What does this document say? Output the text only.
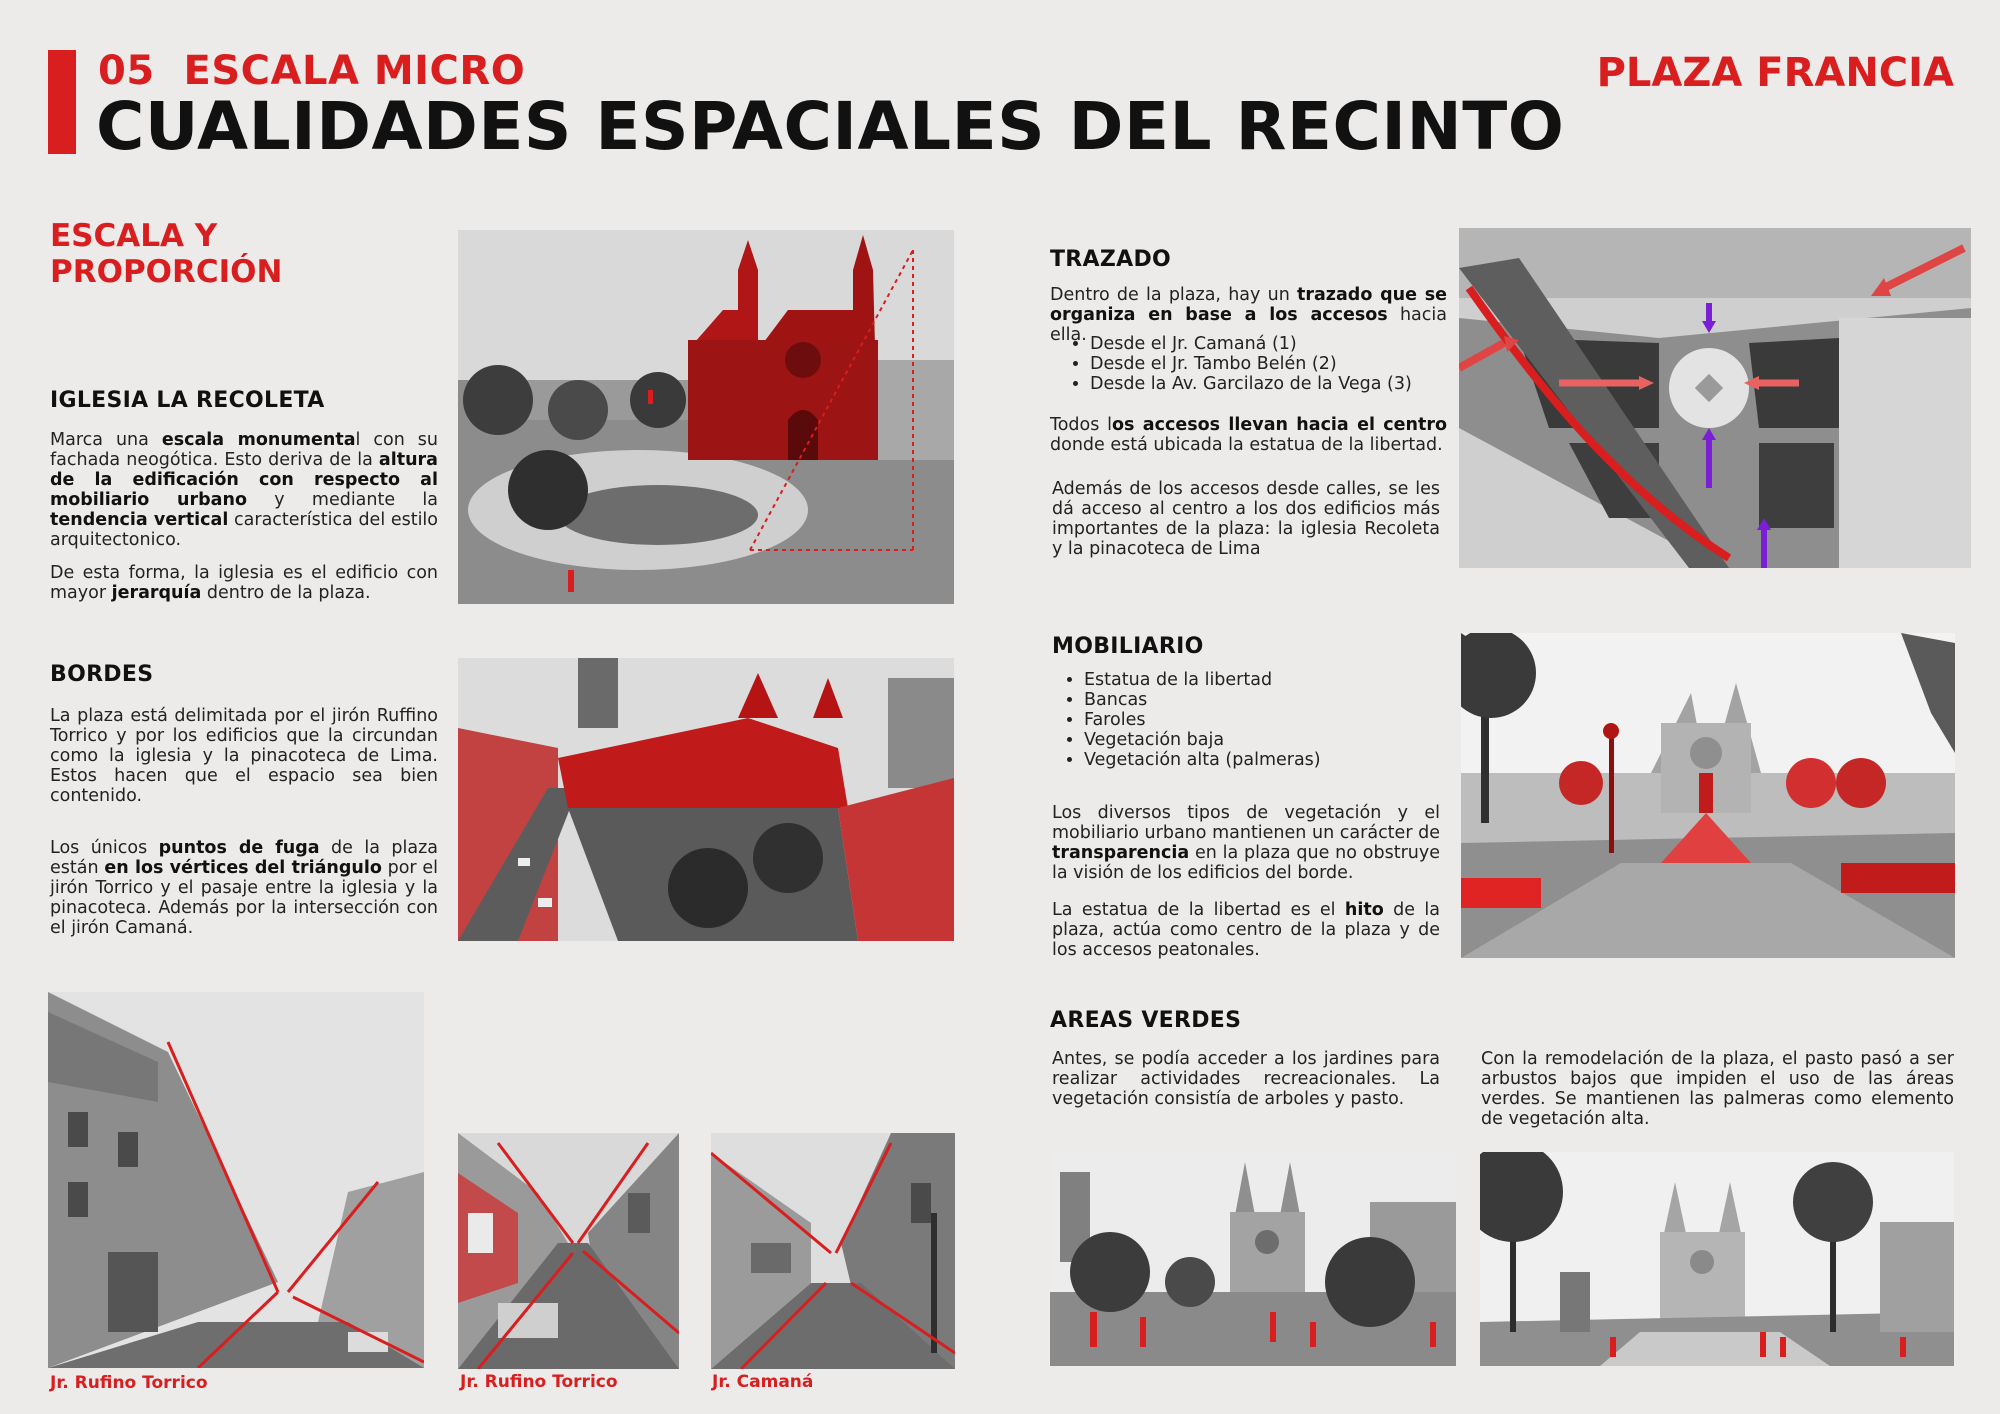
05 ESCALA MICRO
CUALIDADES ESPACIALES DEL RECINTO
PLAZA FRANCIA
ESCALA Y
PROPORCIÓN
IGLESIA LA RECOLETA
Marca una escala monumental con su fachada neogótica. Esto deriva de la altura de la edificación con respecto al mobiliario urbano y mediante la tendencia vertical característica del estilo arquitectonico.
De esta forma, la iglesia es el edificio con mayor jerarquía dentro de la plaza.
BORDES
La plaza está delimitada por el jirón Ruffino Torrico y por los edificios que la circundan como la iglesia y la pinacoteca de Lima. Estos hacen que el espacio sea bien contenido.
Los únicos puntos de fuga de la plaza están en los vértices del triángulo por el jirón Torrico y el pasaje entre la iglesia y la pinacoteca. Además por la intersección con el jirón Camaná.
TRAZADO
Dentro de la plaza, hay un trazado que se organiza en base a los accesos hacia ella.
• Desde el Jr. Camaná (1)
• Desde el Jr. Tambo Belén (2)
• Desde la Av. Garcilazo de la Vega (3)
Todos los accesos llevan hacia el centro donde está ubicada la estatua de la libertad.
Además de los accesos desde calles, se les dá acceso al centro a los dos edificios más importantes de la plaza: la iglesia Recoleta y la pinacoteca de Lima
MOBILIARIO
• Estatua de la libertad
• Bancas
• Faroles
• Vegetación baja
• Vegetación alta (palmeras)
Los diversos tipos de vegetación y el mobiliario urbano mantienen un carácter de transparencia en la plaza que no obstruye la visión de los edificios del borde.
La estatua de la libertad es el hito de la plaza, actúa como centro de la plaza y de los accesos peatonales.
AREAS VERDES
Antes, se podía acceder a los jardines para realizar actividades recreacionales. La vegetación consistía de arboles y pasto.
Con la remodelación de la plaza, el pasto pasó a ser arbustos bajos que impiden el uso de las áreas verdes. Se mantienen las palmeras como elemento de vegetación alta.
Jr. Rufino Torrico	Jr. Rufino Torrico	Jr. Camaná
